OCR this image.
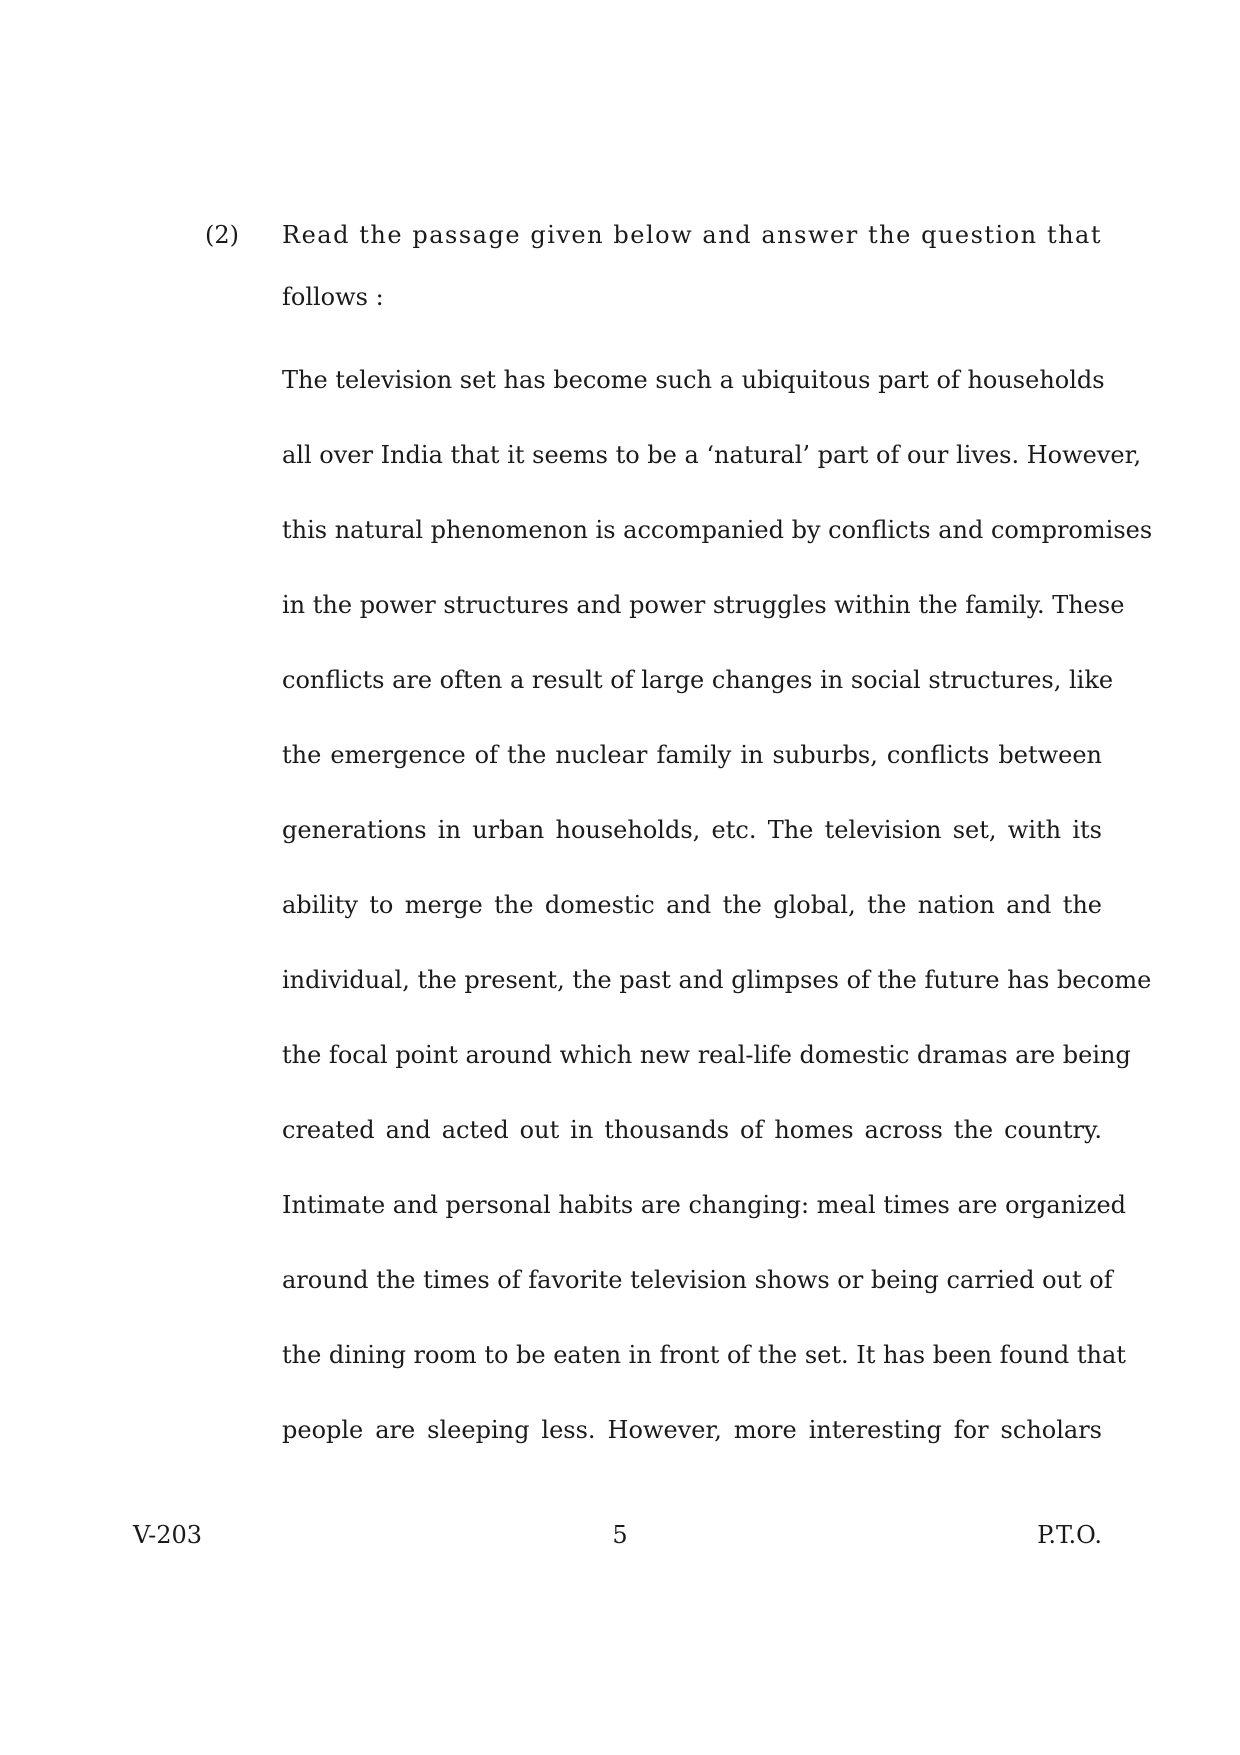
(2) Read the passage given below and answer the question that
follows :
The television set has become such a ubiquitous part of households
all over India that it seems to be a ‘natural’ part of our lives. However,
this natural phenomenon is accompanied by conflicts and compromises
in the power structures and power struggles within the family. These
conflicts are often a result of large changes in social structures, like
the emergence of the nuclear family in suburbs, conflicts between
generations in urban households, etc. The television set, with its
ability to merge the domestic and the global, the nation and the
individual, the present, the past and glimpses of the future has become
the focal point around which new real-life domestic dramas are being
created and acted out in thousands of homes across the country.
Intimate and personal habits are changing: meal times are organized
around the times of favorite television shows or being carried out of
the dining room to be eaten in front of the set. It has been found that
people are sleeping less. However, more interesting for scholars
V-203	5	P.T.O.
